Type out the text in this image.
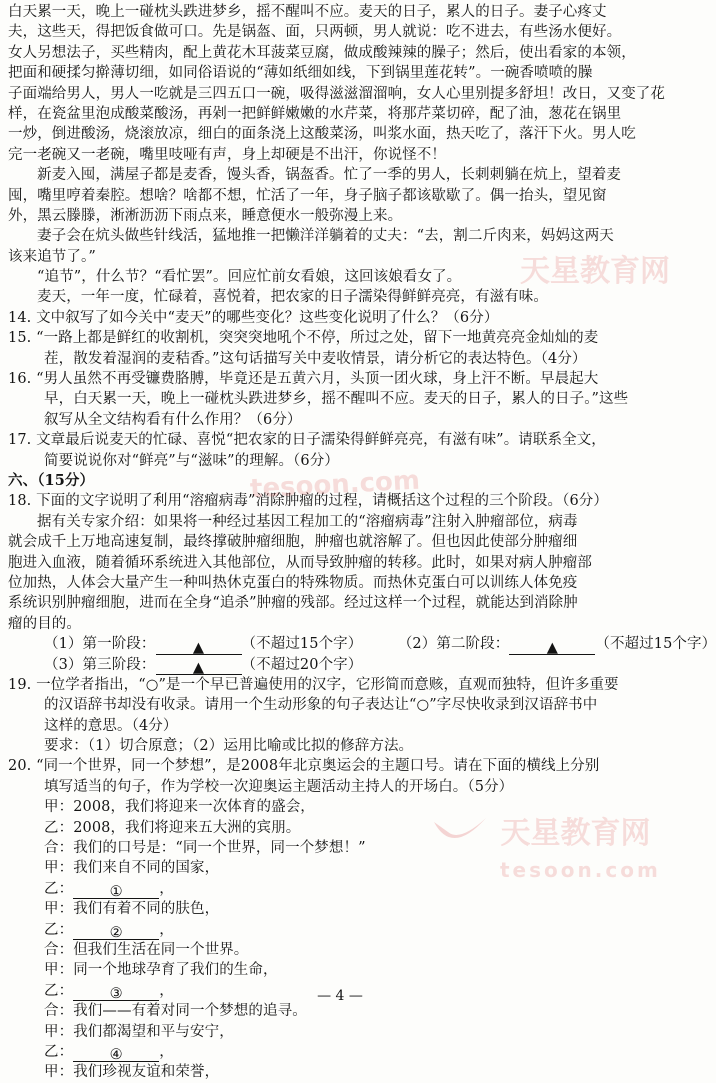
白天累一天，晚上一碰枕头跌进梦乡，摇不醒叫不应。麦天的日子，累人的日子。妻子心疼丈
夫，这些天，得把饭食做可口。先是锅盔、面，只两顿，男人就说：吃不进去，有些汤水便好。
女人另想法子，买些精肉，配上黄花木耳菠菜豆腐，做成酸辣辣的臊子；然后，使出看家的本领，
把面和硬揉匀擀薄切细，如同俗语说的“薄如纸细如线，下到锅里莲花转”。一碗香喷喷的臊
子面端给男人，男人一吃就是三四五口一碗，吸得滋滋溜溜响，女人心里别提多舒坦！改日，又变了花
样，在瓷盆里泡成酸菜酸汤，再剁一把鲜鲜嫩嫩的水芹菜，将那芹菜切碎，配了油，葱花在锅里
一炒，倒进酸汤，烧滚放凉，细白的面条浇上这酸菜汤，叫浆水面，热天吃了，落汗下火。男人吃
完一老碗又一老碗，嘴里吱哑有声，身上却硬是不出汗，你说怪不！
新麦入囤，满屋子都是麦香，馒头香，锅盔香。忙了一季的男人，长刺刺躺在炕上，望着麦
囤，嘴里哼着秦腔。想啥？啥都不想，忙活了一年，身子脑子都该歇歇了。偶一抬头，望见窗
外，黑云滕滕，淅淅沥沥下雨点来，睡意便水一般弥漫上来。
妻子会在炕头做些针线活，猛地推一把懒洋洋躺着的丈夫：“去，割二斤肉来，妈妈这两天
该来追节了。”
“追节”，什么节？“看忙罢”。回应忙前女看娘，这回该娘看女了。
麦天，一年一度，忙碌着，喜悦着，把农家的日子濡染得鲜鲜亮亮，有滋有味。
14. 文中叙写了如今关中“麦天”的哪些变化？这些变化说明了什么？（6分）
15. “一路上都是鲜红的收割机，突突突地吼个不停，所过之处，留下一地黄亮亮金灿灿的麦
茬，散发着湿润的麦秸香。”这句话描写关中麦收情景，请分析它的表达特色。（4分）
16. “男人虽然不再受镰费胳膊，毕竟还是五黄六月，头顶一团火球，身上汗不断。早晨起大
早，白天累一天，晚上一碰枕头跌进梦乡，摇不醒叫不应。麦天的日子，累人的日子。”这些
叙写从全文结构看有什么作用？（6分）
17. 文章最后说麦天的忙碌、喜悦“把农家的日子濡染得鲜鲜亮亮，有滋有味”。请联系全文，
简要说说你对“鲜亮”与“滋味”的理解。（6分）
六、（15分）
18. 下面的文字说明了利用“溶瘤病毒”消除肿瘤的过程，请概括这个过程的三个阶段。（6分）
据有关专家介绍：如果将一种经过基因工程加工的“溶瘤病毒”注射入肿瘤部位，病毒
就会成千上万地高速复制，最终撑破肿瘤细胞，肿瘤也就溶解了。但也因此使部分肿瘤细
胞进入血液，随着循环系统进入其他部位，从而导致肿瘤的转移。此时，如果对病人肿瘤部
位加热，人体会大量产生一种叫热休克蛋白的特殊物质。而热休克蛋白可以训练人体免疫
系统识别肿瘤细胞，进而在全身“追杀”肿瘤的残部。经过这样一个过程，就能达到消除肿
瘤的目的。
（1）第一阶段：	▲	（不超过15个字） （2）第二阶段：	▲	（不超过15个字）
（3）第三阶段：	▲	（不超过20个字）
19. 一位学者指出，“○”是一个早已普遍使用的汉字，它形简而意赅，直观而独特，但许多重要
的汉语辞书却没有收录。请用一个生动形象的句子表达让“○”字尽快收录到汉语辞书中
这样的意思。（4分）
要求：（1）切合原意；（2）运用比喻或比拟的修辞方法。
20. “同一个世界，同一个梦想”，是2008年北京奥运会的主题口号。请在下面的横线上分别
填写适当的句子，作为学校一次迎奥运主题活动主持人的开场白。（5分）
甲：2008，我们将迎来一次体育的盛会，
乙：2008，我们将迎来五大洲的宾朋。
合：我们的口号是：“同一个世界，同一个梦想！”
甲：我们来自不同的国家，
乙：	①	，
甲：我们有着不同的肤色，
乙：	②	，
合：但我们生活在同一个世界。
甲：同一个地球孕育了我们的生命，
乙：	③	，
合：我们——有着对同一个梦想的追寻。
甲：我们都渴望和平与安宁，
乙：	④	，
甲：我们珍视友谊和荣誉，
— 4 —
天星教育网
tesoon.com
天星教育网
tesoon.com
